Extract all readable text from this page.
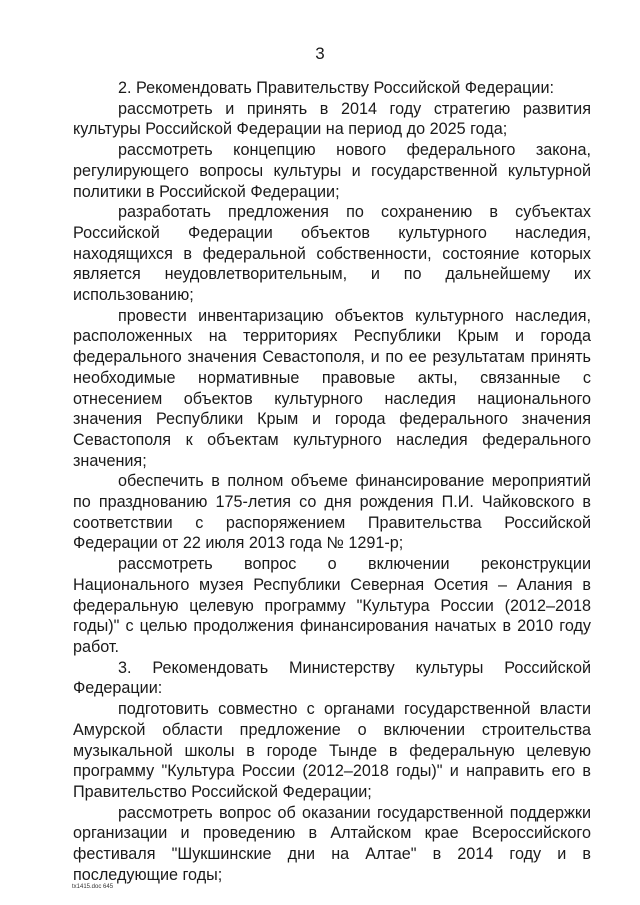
3

2. Рекомендовать Правительству Российской Федерации:

рассмотреть и принять в 2014 году стратегию развития культуры Российской Федерации на период до 2025 года;

рассмотреть концепцию нового федерального закона, регулирующего вопросы культуры и государственной культурной политики в Российской Федерации;

разработать предложения по сохранению в субъектах Российской Федерации объектов культурного наследия, находящихся в федеральной собственности, состояние которых является неудовлетворительным, и по дальнейшему их использованию;

провести инвентаризацию объектов культурного наследия, расположенных на территориях Республики Крым и города федерального значения Севастополя, и по ее результатам принять необходимые нормативные правовые акты, связанные с отнесением объектов культурного наследия национального значения Республики Крым и города федерального значения Севастополя к объектам культурного наследия федерального значения;

обеспечить в полном объеме финансирование мероприятий по празднованию 175-летия со дня рождения П.И. Чайковского в соответствии с распоряжением Правительства Российской Федерации от 22 июля 2013 года № 1291-р;

рассмотреть вопрос о включении реконструкции Национального музея Республики Северная Осетия – Алания в федеральную целевую программу "Культура России (2012–2018 годы)" с целью продолжения финансирования начатых в 2010 году работ.

3. Рекомендовать Министерству культуры Российской Федерации:

подготовить совместно с органами государственной власти Амурской области предложение о включении строительства музыкальной школы в городе Тынде в федеральную целевую программу "Культура России (2012–2018 годы)" и направить его в Правительство Российской Федерации;

рассмотреть вопрос об оказании государственной поддержки организации и проведению в Алтайском крае Всероссийского фестиваля "Шукшинские дни на Алтае" в 2014 году и в последующие годы;

tx1415.doc 645
